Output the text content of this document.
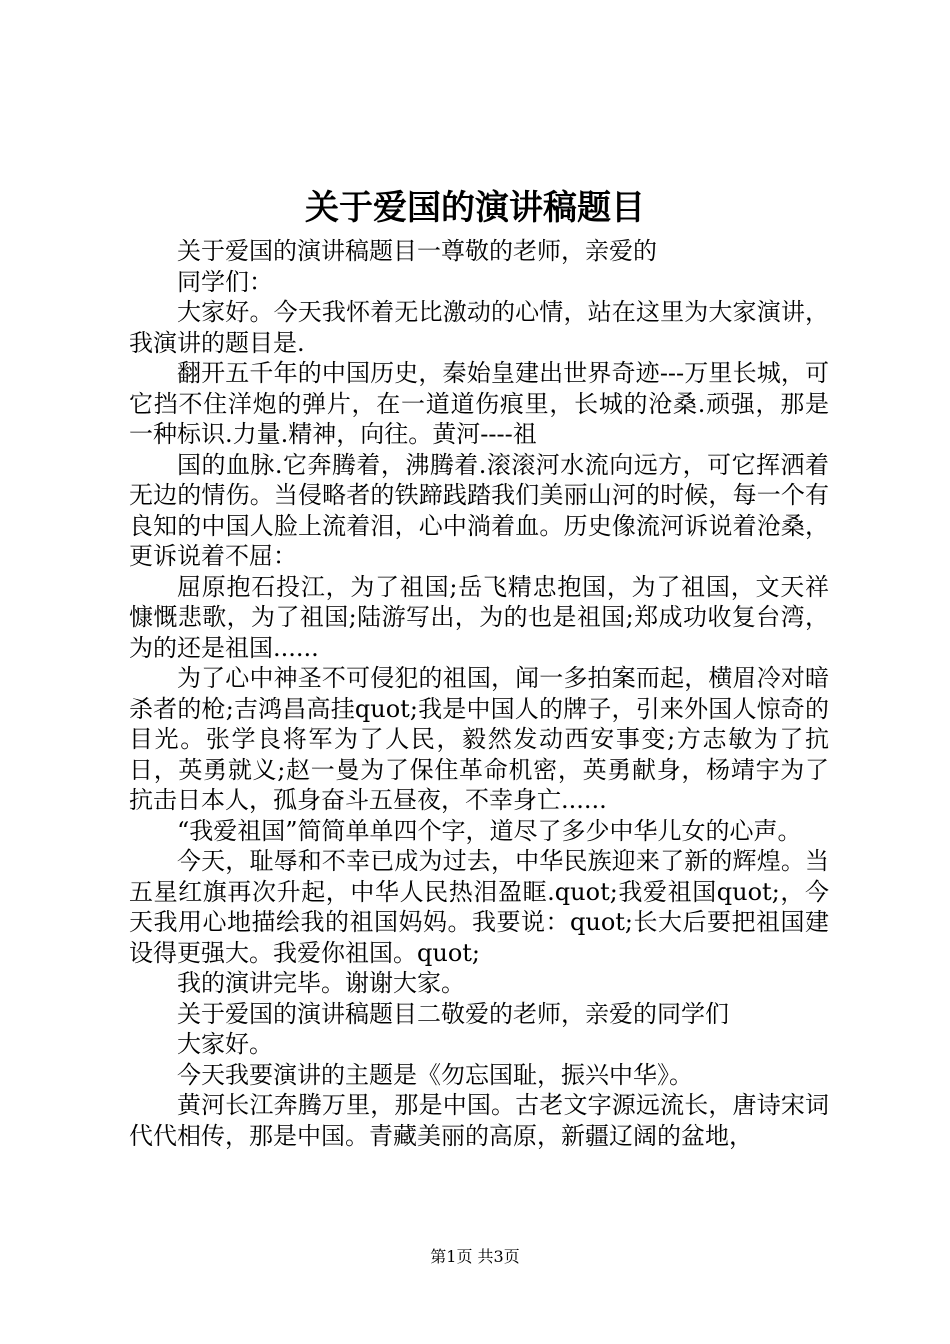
关于爱国的演讲稿题目

关于爱国的演讲稿题目一尊敬的老师，亲爱的

同学们：

大家好。今天我怀着无比激动的心情，站在这里为大家演讲，我演讲的题目是.

翻开五千年的中国历史，秦始皇建出世界奇迹---万里长城，可它挡不住洋炮的弹片，在一道道伤痕里，长城的沧桑.顽强，那是一种标识.力量.精神，向往。黄河----祖

国的血脉.它奔腾着，沸腾着.滚滚河水流向远方，可它挥洒着无边的情伤。当侵略者的铁蹄践踏我们美丽山河的时候，每一个有良知的中国人脸上流着泪，心中淌着血。历史像流河诉说着沧桑，更诉说着不屈：

屈原抱石投江，为了祖国;岳飞精忠抱国，为了祖国，文天祥慷慨悲歌，为了祖国;陆游写出，为的也是祖国;郑成功收复台湾，为的还是祖国......

为了心中神圣不可侵犯的祖国，闻一多拍案而起，横眉冷对暗杀者的枪;吉鸿昌高挂quot;我是中国人的牌子，引来外国人惊奇的目光。张学良将军为了人民，毅然发动西安事变;方志敏为了抗日，英勇就义;赵一曼为了保住革命机密，英勇献身，杨靖宇为了抗击日本人，孤身奋斗五昼夜，不幸身亡......

“我爱祖国”简简单单四个字，道尽了多少中华儿女的心声。

今天，耻辱和不幸已成为过去，中华民族迎来了新的辉煌。当五星红旗再次升起，中华人民热泪盈眶.quot;我爱祖国quot;，今天我用心地描绘我的祖国妈妈。我要说：quot;长大后要把祖国建设得更强大。我爱你祖国。quot;

我的演讲完毕。谢谢大家。

关于爱国的演讲稿题目二敬爱的老师，亲爱的同学们

大家好。

今天我要演讲的主题是《勿忘国耻，振兴中华》。

黄河长江奔腾万里，那是中国。古老文字源远流长，唐诗宋词代代相传，那是中国。青藏美丽的高原，新疆辽阔的盆地，

第1页 共3页
